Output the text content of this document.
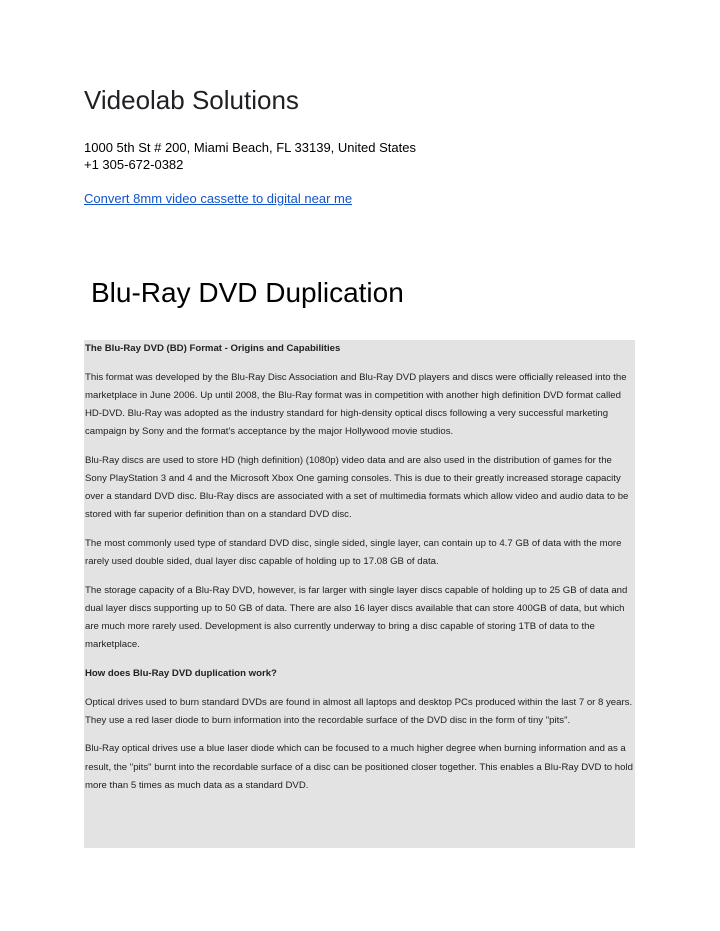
Videolab Solutions
1000 5th St # 200, Miami Beach, FL 33139, United States
+1 305-672-0382
Convert 8mm video cassette to digital near me
Blu-Ray DVD Duplication

The Blu-Ray DVD (BD) Format - Origins and Capabilities

This format was developed by the Blu-Ray Disc Association and Blu-Ray DVD players and discs were officially released into the marketplace in June 2006. Up until 2008, the Blu-Ray format was in competition with another high definition DVD format called HD-DVD. Blu-Ray was adopted as the industry standard for high-density optical discs following a very successful marketing campaign by Sony and the format's acceptance by the major Hollywood movie studios.

Blu-Ray discs are used to store HD (high definition) (1080p) video data and are also used in the distribution of games for the Sony PlayStation 3 and 4 and the Microsoft Xbox One gaming consoles. This is due to their greatly increased storage capacity over a standard DVD disc. Blu-Ray discs are associated with a set of multimedia formats which allow video and audio data to be stored with far superior definition than on a standard DVD disc.

The most commonly used type of standard DVD disc, single sided, single layer, can contain up to 4.7 GB of data with the more rarely used double sided, dual layer disc capable of holding up to 17.08 GB of data.

The storage capacity of a Blu-Ray DVD, however, is far larger with single layer discs capable of holding up to 25 GB of data and dual layer discs supporting up to 50 GB of data. There are also 16 layer discs available that can store 400GB of data, but which are much more rarely used. Development is also currently underway to bring a disc capable of storing 1TB of data to the marketplace.

How does Blu-Ray DVD duplication work?

Optical drives used to burn standard DVDs are found in almost all laptops and desktop PCs produced within the last 7 or 8 years. They use a red laser diode to burn information into the recordable surface of the DVD disc in the form of tiny "pits".

Blu-Ray optical drives use a blue laser diode which can be focused to a much higher degree when burning information and as a result, the "pits" burnt into the recordable surface of a disc can be positioned closer together. This enables a Blu-Ray DVD to hold more than 5 times as much data as a standard DVD.
